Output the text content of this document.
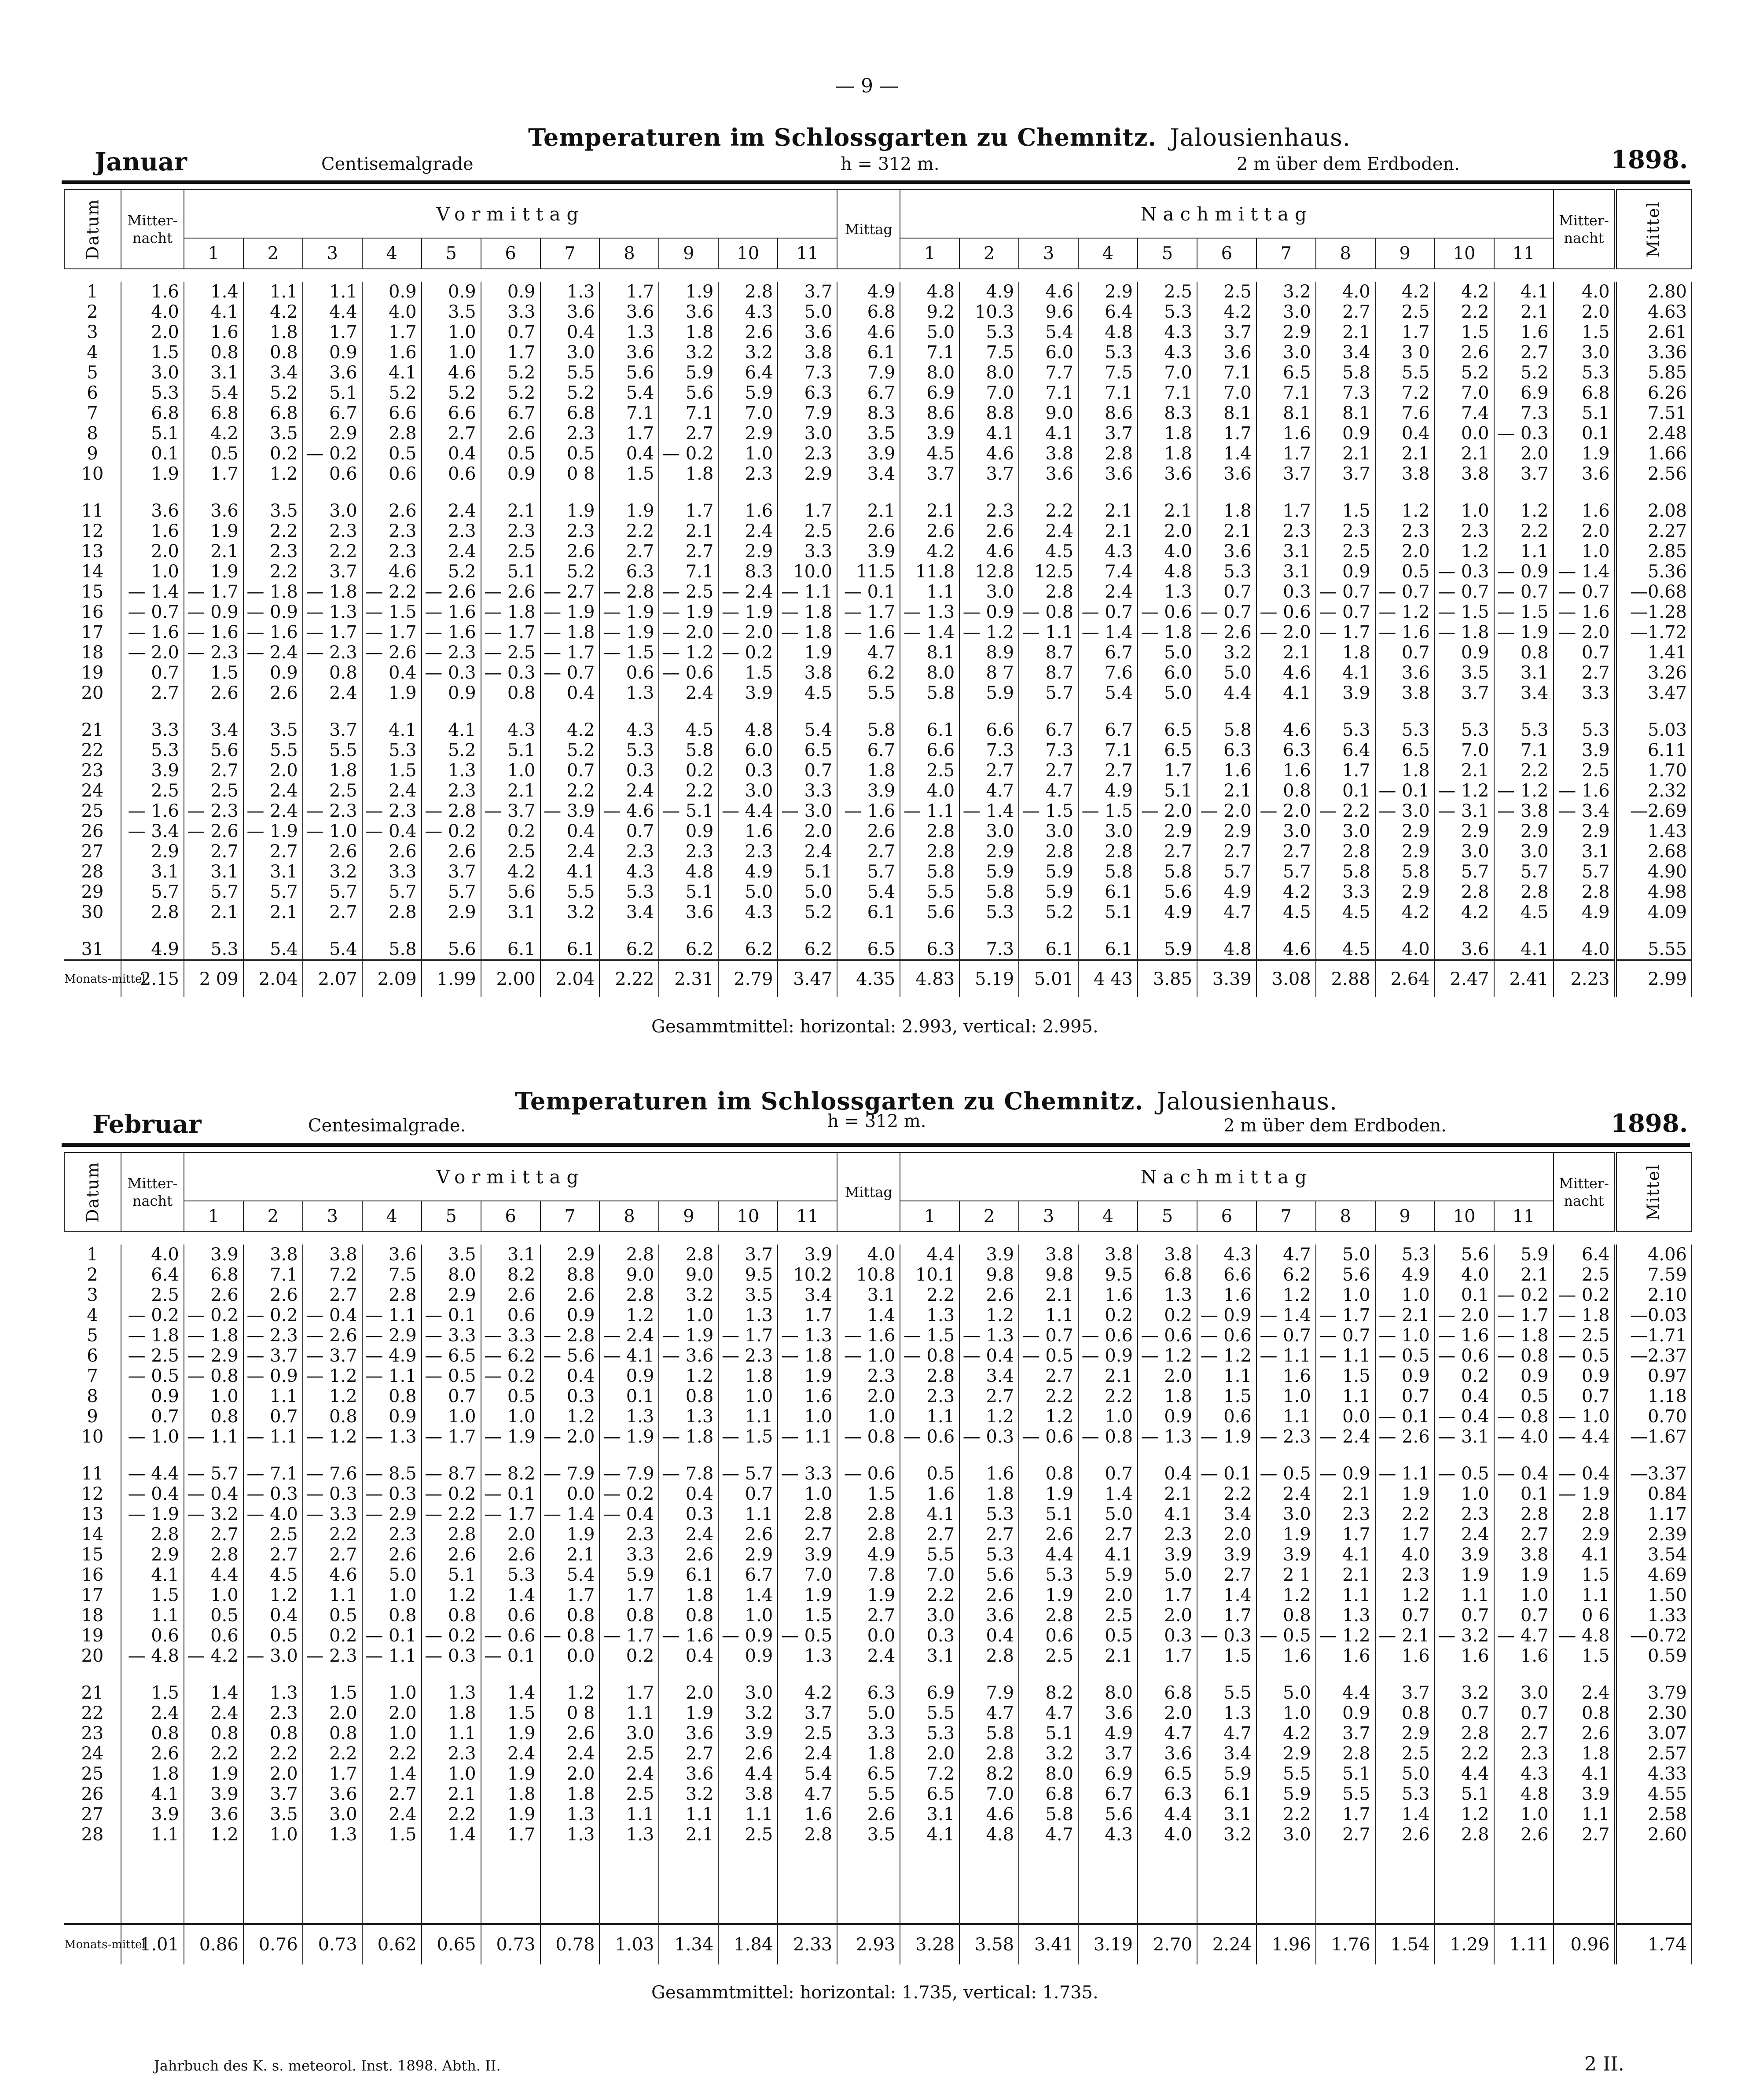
— 9 —
Temperaturen im Schlossgarten zu Chemnitz. Jalousienhaus.
Januar	Centisemalgrade	h = 312 m.	2 m über dem Erdboden.	1898.
Datum	Mitter-nacht	Vormittag											Mittag	Nachmittag											Mitter-nacht	Mittel
		1	2	3	4	5	6	7	8	9	10	11		1	2	3	4	5	6	7	8	9	10	11		

1	1.6	1.4	1.1	1.1	0.9	0.9	0.9	1.3	1.7	1.9	2.8	3.7	4.9	4.8	4.9	4.6	2.9	2.5	2.5	3.2	4.0	4.2	4.2	4.1	4.0	2.80
2	4.0	4.1	4.2	4.4	4.0	3.5	3.3	3.6	3.6	3.6	4.3	5.0	6.8	9.2	10.3	9.6	6.4	5.3	4.2	3.0	2.7	2.5	2.2	2.1	2.0	4.63
3	2.0	1.6	1.8	1.7	1.7	1.0	0.7	0.4	1.3	1.8	2.6	3.6	4.6	5.0	5.3	5.4	4.8	4.3	3.7	2.9	2.1	1.7	1.5	1.6	1.5	2.61
4	1.5	0.8	0.8	0.9	1.6	1.0	1.7	3.0	3.6	3.2	3.2	3.8	6.1	7.1	7.5	6.0	5.3	4.3	3.6	3.0	3.4	3 0	2.6	2.7	3.0	3.36
5	3.0	3.1	3.4	3.6	4.1	4.6	5.2	5.5	5.6	5.9	6.4	7.3	7.9	8.0	8.0	7.7	7.5	7.0	7.1	6.5	5.8	5.5	5.2	5.2	5.3	5.85
6	5.3	5.4	5.2	5.1	5.2	5.2	5.2	5.2	5.4	5.6	5.9	6.3	6.7	6.9	7.0	7.1	7.1	7.1	7.0	7.1	7.3	7.2	7.0	6.9	6.8	6.26
7	6.8	6.8	6.8	6.7	6.6	6.6	6.7	6.8	7.1	7.1	7.0	7.9	8.3	8.6	8.8	9.0	8.6	8.3	8.1	8.1	8.1	7.6	7.4	7.3	5.1	7.51
8	5.1	4.2	3.5	2.9	2.8	2.7	2.6	2.3	1.7	2.7	2.9	3.0	3.5	3.9	4.1	4.1	3.7	1.8	1.7	1.6	0.9	0.4	0.0	— 0.3	0.1	2.48
9	0.1	0.5	0.2	— 0.2	0.5	0.4	0.5	0.5	0.4	— 0.2	1.0	2.3	3.9	4.5	4.6	3.8	2.8	1.8	1.4	1.7	2.1	2.1	2.1	2.0	1.9	1.66
10	1.9	1.7	1.2	0.6	0.6	0.6	0.9	0 8	1.5	1.8	2.3	2.9	3.4	3.7	3.7	3.6	3.6	3.6	3.6	3.7	3.7	3.8	3.8	3.7	3.6	2.56

11	3.6	3.6	3.5	3.0	2.6	2.4	2.1	1.9	1.9	1.7	1.6	1.7	2.1	2.1	2.3	2.2	2.1	2.1	1.8	1.7	1.5	1.2	1.0	1.2	1.6	2.08
12	1.6	1.9	2.2	2.3	2.3	2.3	2.3	2.3	2.2	2.1	2.4	2.5	2.6	2.6	2.6	2.4	2.1	2.0	2.1	2.3	2.3	2.3	2.3	2.2	2.0	2.27
13	2.0	2.1	2.3	2.2	2.3	2.4	2.5	2.6	2.7	2.7	2.9	3.3	3.9	4.2	4.6	4.5	4.3	4.0	3.6	3.1	2.5	2.0	1.2	1.1	1.0	2.85
14	1.0	1.9	2.2	3.7	4.6	5.2	5.1	5.2	6.3	7.1	8.3	10.0	11.5	11.8	12.8	12.5	7.4	4.8	5.3	3.1	0.9	0.5	— 0.3	— 0.9	— 1.4	5.36
15	— 1.4	— 1.7	— 1.8	— 1.8	— 2.2	— 2.6	— 2.6	— 2.7	— 2.8	— 2.5	— 2.4	— 1.1	— 0.1	1.1	3.0	2.8	2.4	1.3	0.7	0.3	— 0.7	— 0.7	— 0.7	— 0.7	— 0.7	—0.68
16	— 0.7	— 0.9	— 0.9	— 1.3	— 1.5	— 1.6	— 1.8	— 1.9	— 1.9	— 1.9	— 1.9	— 1.8	— 1.7	— 1.3	— 0.9	— 0.8	— 0.7	— 0.6	— 0.7	— 0.6	— 0.7	— 1.2	— 1.5	— 1.5	— 1.6	—1.28
17	— 1.6	— 1.6	— 1.6	— 1.7	— 1.7	— 1.6	— 1.7	— 1.8	— 1.9	— 2.0	— 2.0	— 1.8	— 1.6	— 1.4	— 1.2	— 1.1	— 1.4	— 1.8	— 2.6	— 2.0	— 1.7	— 1.6	— 1.8	— 1.9	— 2.0	—1.72
18	— 2.0	— 2.3	— 2.4	— 2.3	— 2.6	— 2.3	— 2.5	— 1.7	— 1.5	— 1.2	— 0.2	1.9	4.7	8.1	8.9	8.7	6.7	5.0	3.2	2.1	1.8	0.7	0.9	0.8	0.7	1.41
19	0.7	1.5	0.9	0.8	0.4	— 0.3	— 0.3	— 0.7	0.6	— 0.6	1.5	3.8	6.2	8.0	8 7	8.7	7.6	6.0	5.0	4.6	4.1	3.6	3.5	3.1	2.7	3.26
20	2.7	2.6	2.6	2.4	1.9	0.9	0.8	0.4	1.3	2.4	3.9	4.5	5.5	5.8	5.9	5.7	5.4	5.0	4.4	4.1	3.9	3.8	3.7	3.4	3.3	3.47

21	3.3	3.4	3.5	3.7	4.1	4.1	4.3	4.2	4.3	4.5	4.8	5.4	5.8	6.1	6.6	6.7	6.7	6.5	5.8	4.6	5.3	5.3	5.3	5.3	5.3	5.03
22	5.3	5.6	5.5	5.5	5.3	5.2	5.1	5.2	5.3	5.8	6.0	6.5	6.7	6.6	7.3	7.3	7.1	6.5	6.3	6.3	6.4	6.5	7.0	7.1	3.9	6.11
23	3.9	2.7	2.0	1.8	1.5	1.3	1.0	0.7	0.3	0.2	0.3	0.7	1.8	2.5	2.7	2.7	2.7	1.7	1.6	1.6	1.7	1.8	2.1	2.2	2.5	1.70
24	2.5	2.5	2.4	2.5	2.4	2.3	2.1	2.2	2.4	2.2	3.0	3.3	3.9	4.0	4.7	4.7	4.9	5.1	2.1	0.8	0.1	— 0.1	— 1.2	— 1.2	— 1.6	2.32
25	— 1.6	— 2.3	— 2.4	— 2.3	— 2.3	— 2.8	— 3.7	— 3.9	— 4.6	— 5.1	— 4.4	— 3.0	— 1.6	— 1.1	— 1.4	— 1.5	— 1.5	— 2.0	— 2.0	— 2.0	— 2.2	— 3.0	— 3.1	— 3.8	— 3.4	—2.69
26	— 3.4	— 2.6	— 1.9	— 1.0	— 0.4	— 0.2	0.2	0.4	0.7	0.9	1.6	2.0	2.6	2.8	3.0	3.0	3.0	2.9	2.9	3.0	3.0	2.9	2.9	2.9	2.9	1.43
27	2.9	2.7	2.7	2.6	2.6	2.6	2.5	2.4	2.3	2.3	2.3	2.4	2.7	2.8	2.9	2.8	2.8	2.7	2.7	2.7	2.8	2.9	3.0	3.0	3.1	2.68
28	3.1	3.1	3.1	3.2	3.3	3.7	4.2	4.1	4.3	4.8	4.9	5.1	5.7	5.8	5.9	5.9	5.8	5.8	5.7	5.7	5.8	5.8	5.7	5.7	5.7	4.90
29	5.7	5.7	5.7	5.7	5.7	5.7	5.6	5.5	5.3	5.1	5.0	5.0	5.4	5.5	5.8	5.9	6.1	5.6	4.9	4.2	3.3	2.9	2.8	2.8	2.8	4.98
30	2.8	2.1	2.1	2.7	2.8	2.9	3.1	3.2	3.4	3.6	4.3	5.2	6.1	5.6	5.3	5.2	5.1	4.9	4.7	4.5	4.5	4.2	4.2	4.5	4.9	4.09

31	4.9	5.3	5.4	5.4	5.8	5.6	6.1	6.1	6.2	6.2	6.2	6.2	6.5	6.3	7.3	6.1	6.1	5.9	4.8	4.6	4.5	4.0	3.6	4.1	4.0	5.55
Monats-mittel	2.15	2 09	2.04	2.07	2.09	1.99	2.00	2.04	2.22	2.31	2.79	3.47	4.35	4.83	5.19	5.01	4 43	3.85	3.39	3.08	2.88	2.64	2.47	2.41	2.23	2.99
Gesammtmittel: horizontal: 2.993, vertical: 2.995.
Temperaturen im Schlossgarten zu Chemnitz. Jalousienhaus.
Februar	Centesimalgrade.	h = 312 m.	2 m über dem Erdboden.	1898.
Datum	Mitter-nacht	Vormittag											Mittag	Nachmittag											Mitter-nacht	Mittel
		1	2	3	4	5	6	7	8	9	10	11		1	2	3	4	5	6	7	8	9	10	11		

1	4.0	3.9	3.8	3.8	3.6	3.5	3.1	2.9	2.8	2.8	3.7	3.9	4.0	4.4	3.9	3.8	3.8	3.8	4.3	4.7	5.0	5.3	5.6	5.9	6.4	4.06
2	6.4	6.8	7.1	7.2	7.5	8.0	8.2	8.8	9.0	9.0	9.5	10.2	10.8	10.1	9.8	9.8	9.5	6.8	6.6	6.2	5.6	4.9	4.0	2.1	2.5	7.59
3	2.5	2.6	2.6	2.7	2.8	2.9	2.6	2.6	2.8	3.2	3.5	3.4	3.1	2.2	2.6	2.1	1.6	1.3	1.6	1.2	1.0	1.0	0.1	— 0.2	— 0.2	2.10
4	— 0.2	— 0.2	— 0.2	— 0.4	— 1.1	— 0.1	0.6	0.9	1.2	1.0	1.3	1.7	1.4	1.3	1.2	1.1	0.2	0.2	— 0.9	— 1.4	— 1.7	— 2.1	— 2.0	— 1.7	— 1.8	—0.03
5	— 1.8	— 1.8	— 2.3	— 2.6	— 2.9	— 3.3	— 3.3	— 2.8	— 2.4	— 1.9	— 1.7	— 1.3	— 1.6	— 1.5	— 1.3	— 0.7	— 0.6	— 0.6	— 0.6	— 0.7	— 0.7	— 1.0	— 1.6	— 1.8	— 2.5	—1.71
6	— 2.5	— 2.9	— 3.7	— 3.7	— 4.9	— 6.5	— 6.2	— 5.6	— 4.1	— 3.6	— 2.3	— 1.8	— 1.0	— 0.8	— 0.4	— 0.5	— 0.9	— 1.2	— 1.2	— 1.1	— 1.1	— 0.5	— 0.6	— 0.8	— 0.5	—2.37
7	— 0.5	— 0.8	— 0.9	— 1.2	— 1.1	— 0.5	— 0.2	0.4	0.9	1.2	1.8	1.9	2.3	2.8	3.4	2.7	2.1	2.0	1.1	1.6	1.5	0.9	0.2	0.9	0.9	0.97
8	0.9	1.0	1.1	1.2	0.8	0.7	0.5	0.3	0.1	0.8	1.0	1.6	2.0	2.3	2.7	2.2	2.2	1.8	1.5	1.0	1.1	0.7	0.4	0.5	0.7	1.18
9	0.7	0.8	0.7	0.8	0.9	1.0	1.0	1.2	1.3	1.3	1.1	1.0	1.0	1.1	1.2	1.2	1.0	0.9	0.6	1.1	0.0	— 0.1	— 0.4	— 0.8	— 1.0	0.70
10	— 1.0	— 1.1	— 1.1	— 1.2	— 1.3	— 1.7	— 1.9	— 2.0	— 1.9	— 1.8	— 1.5	— 1.1	— 0.8	— 0.6	— 0.3	— 0.6	— 0.8	— 1.3	— 1.9	— 2.3	— 2.4	— 2.6	— 3.1	— 4.0	— 4.4	—1.67

11	— 4.4	— 5.7	— 7.1	— 7.6	— 8.5	— 8.7	— 8.2	— 7.9	— 7.9	— 7.8	— 5.7	— 3.3	— 0.6	0.5	1.6	0.8	0.7	0.4	— 0.1	— 0.5	— 0.9	— 1.1	— 0.5	— 0.4	— 0.4	—3.37
12	— 0.4	— 0.4	— 0.3	— 0.3	— 0.3	— 0.2	— 0.1	0.0	— 0.2	0.4	0.7	1.0	1.5	1.6	1.8	1.9	1.4	2.1	2.2	2.4	2.1	1.9	1.0	0.1	— 1.9	0.84
13	— 1.9	— 3.2	— 4.0	— 3.3	— 2.9	— 2.2	— 1.7	— 1.4	— 0.4	0.3	1.1	2.8	2.8	4.1	5.3	5.1	5.0	4.1	3.4	3.0	2.3	2.2	2.3	2.8	2.8	1.17
14	2.8	2.7	2.5	2.2	2.3	2.8	2.0	1.9	2.3	2.4	2.6	2.7	2.8	2.7	2.7	2.6	2.7	2.3	2.0	1.9	1.7	1.7	2.4	2.7	2.9	2.39
15	2.9	2.8	2.7	2.7	2.6	2.6	2.6	2.1	3.3	2.6	2.9	3.9	4.9	5.5	5.3	4.4	4.1	3.9	3.9	3.9	4.1	4.0	3.9	3.8	4.1	3.54
16	4.1	4.4	4.5	4.6	5.0	5.1	5.3	5.4	5.9	6.1	6.7	7.0	7.8	7.0	5.6	5.3	5.9	5.0	2.7	2 1	2.1	2.3	1.9	1.9	1.5	4.69
17	1.5	1.0	1.2	1.1	1.0	1.2	1.4	1.7	1.7	1.8	1.4	1.9	1.9	2.2	2.6	1.9	2.0	1.7	1.4	1.2	1.1	1.2	1.1	1.0	1.1	1.50
18	1.1	0.5	0.4	0.5	0.8	0.8	0.6	0.8	0.8	0.8	1.0	1.5	2.7	3.0	3.6	2.8	2.5	2.0	1.7	0.8	1.3	0.7	0.7	0.7	0 6	1.33
19	0.6	0.6	0.5	0.2	— 0.1	— 0.2	— 0.6	— 0.8	— 1.7	— 1.6	— 0.9	— 0.5	0.0	0.3	0.4	0.6	0.5	0.3	— 0.3	— 0.5	— 1.2	— 2.1	— 3.2	— 4.7	— 4.8	—0.72
20	— 4.8	— 4.2	— 3.0	— 2.3	— 1.1	— 0.3	— 0.1	0.0	0.2	0.4	0.9	1.3	2.4	3.1	2.8	2.5	2.1	1.7	1.5	1.6	1.6	1.6	1.6	1.6	1.5	0.59

21	1.5	1.4	1.3	1.5	1.0	1.3	1.4	1.2	1.7	2.0	3.0	4.2	6.3	6.9	7.9	8.2	8.0	6.8	5.5	5.0	4.4	3.7	3.2	3.0	2.4	3.79
22	2.4	2.4	2.3	2.0	2.0	1.8	1.5	0 8	1.1	1.9	3.2	3.7	5.0	5.5	4.7	4.7	3.6	2.0	1.3	1.0	0.9	0.8	0.7	0.7	0.8	2.30
23	0.8	0.8	0.8	0.8	1.0	1.1	1.9	2.6	3.0	3.6	3.9	2.5	3.3	5.3	5.8	5.1	4.9	4.7	4.7	4.2	3.7	2.9	2.8	2.7	2.6	3.07
24	2.6	2.2	2.2	2.2	2.2	2.3	2.4	2.4	2.5	2.7	2.6	2.4	1.8	2.0	2.8	3.2	3.7	3.6	3.4	2.9	2.8	2.5	2.2	2.3	1.8	2.57
25	1.8	1.9	2.0	1.7	1.4	1.0	1.9	2.0	2.4	3.6	4.4	5.4	6.5	7.2	8.2	8.0	6.9	6.5	5.9	5.5	5.1	5.0	4.4	4.3	4.1	4.33
26	4.1	3.9	3.7	3.6	2.7	2.1	1.8	1.8	2.5	3.2	3.8	4.7	5.5	6.5	7.0	6.8	6.7	6.3	6.1	5.9	5.5	5.3	5.1	4.8	3.9	4.55
27	3.9	3.6	3.5	3.0	2.4	2.2	1.9	1.3	1.1	1.1	1.1	1.6	2.6	3.1	4.6	5.8	5.6	4.4	3.1	2.2	1.7	1.4	1.2	1.0	1.1	2.58
28	1.1	1.2	1.0	1.3	1.5	1.4	1.7	1.3	1.3	2.1	2.5	2.8	3.5	4.1	4.8	4.7	4.3	4.0	3.2	3.0	2.7	2.6	2.8	2.6	2.7	2.60

Monats-mittel	1.01	0.86	0.76	0.73	0.62	0.65	0.73	0.78	1.03	1.34	1.84	2.33	2.93	3.28	3.58	3.41	3.19	2.70	2.24	1.96	1.76	1.54	1.29	1.11	0.96	1.74
Gesammtmittel: horizontal: 1.735, vertical: 1.735.
Jahrbuch des K. s. meteorol. Inst. 1898. Abth. II.	2 II.
